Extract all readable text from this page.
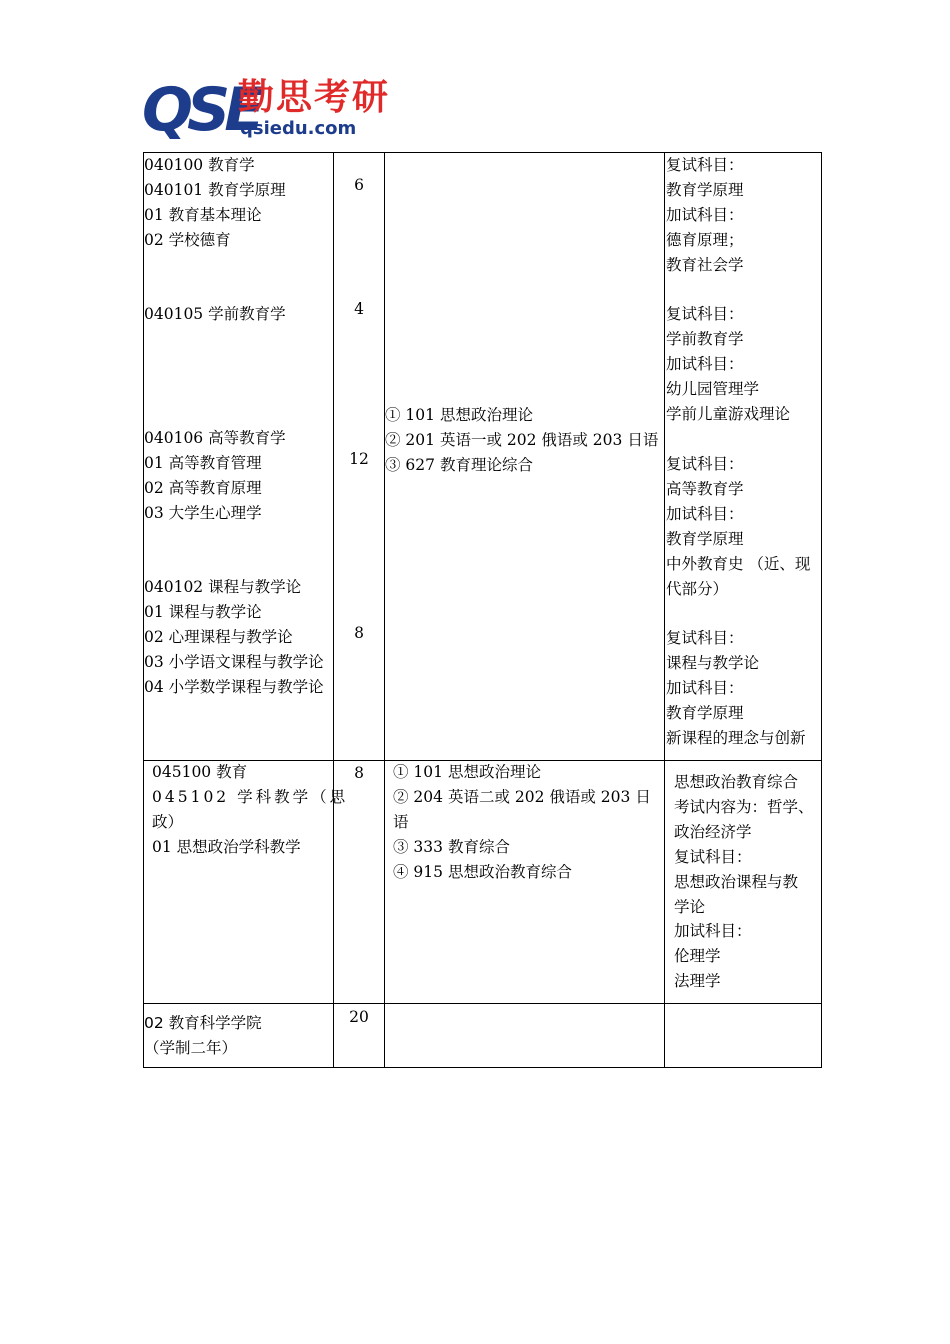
QSE
勤思考研
qsiedu.com
040100 教育学
040101 教育学原理
01 教育基本理论
02 学校德育
040105 学前教育学
040106 高等教育学
01 高等教育管理
02 高等教育原理
03 大学生心理学
040102 课程与教学论
01 课程与教学论
02 心理课程与教学论
03 小学语文课程与教学论
04 小学数学课程与教学论
6
4
12
8
① 101 思想政治理论
② 201 英语一或 202 俄语或 203 日语
③ 627 教育理论综合
复试科目：
教育学原理
加试科目：
德育原理；
教育社会学
复试科目：
学前教育学
加试科目：
幼儿园管理学
学前儿童游戏理论
复试科目：
高等教育学
加试科目：
教育学原理
中外教育史 （近、现
代部分）
复试科目：
课程与教学论
加试科目：
教育学原理
新课程的理念与创新
045100 教育
045102 学科教学（思
政）
01 思想政治学科教学
8	① 101 思想政治理论
② 204 英语二或 202 俄语或 203 日
语
③ 333 教育综合
④ 915 思想政治教育综合
思想政治教育综合
考试内容为：哲学、
政治经济学
复试科目：
思想政治课程与教
学论
加试科目：
伦理学
法理学
02 教育科学学院
（学制二年）
20
